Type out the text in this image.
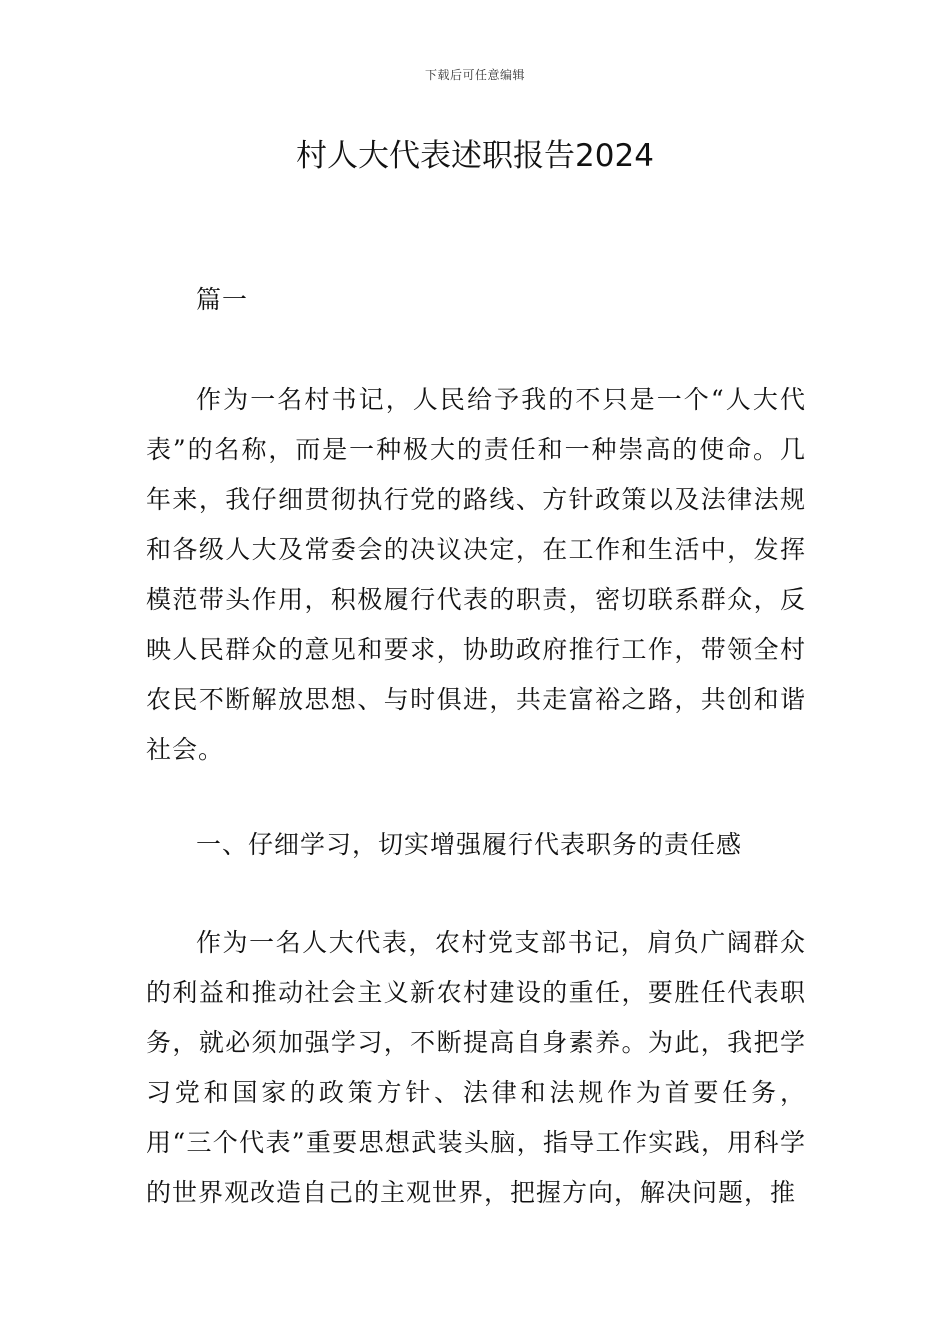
下载后可任意编辑
村人大代表述职报告2024

篇一

作为一名村书记，人民给予我的不只是一个“人大代表”的名称，而是一种极大的责任和一种崇高的使命。几年来，我仔细贯彻执行党的路线、方针政策以及法律法规和各级人大及常委会的决议决定，在工作和生活中，发挥模范带头作用，积极履行代表的职责，密切联系群众，反映人民群众的意见和要求，协助政府推行工作，带领全村农民不断解放思想、与时俱进，共走富裕之路，共创和谐社会。

一、仔细学习，切实增强履行代表职务的责任感

作为一名人大代表，农村党支部书记，肩负广阔群众的利益和推动社会主义新农村建设的重任，要胜任代表职务，就必须加强学习，不断提高自身素养。为此，我把学习党和国家的政策方针、法律和法规作为首要任务，用“三个代表”重要思想武装头脑，指导工作实践，用科学的世界观改造自己的主观世界，把握方向，解决问题，推
